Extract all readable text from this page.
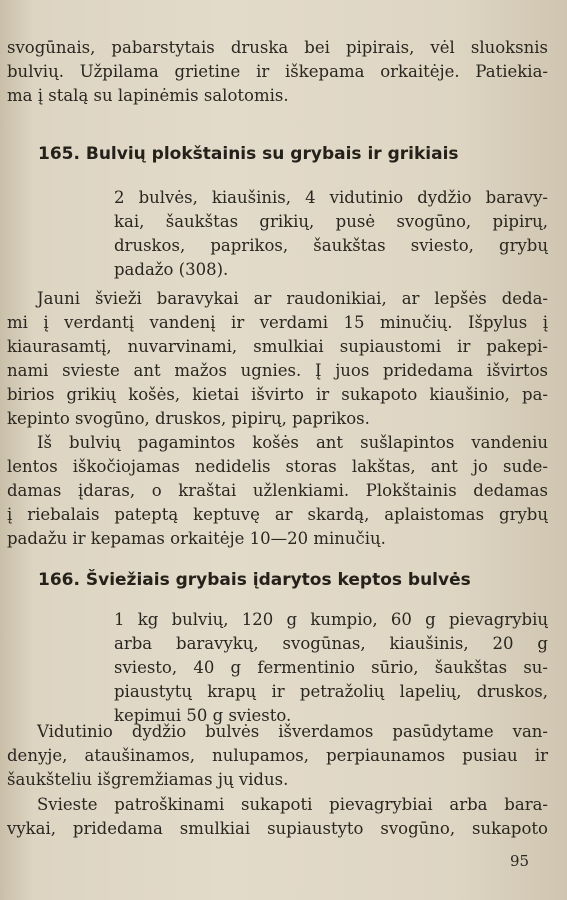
svogūnais, pabarstytais druska bei pipirais, vėl sluoksnis
bulvių. Užpilama grietine ir iškepama orkaitėje. Patiekia-
ma į stalą su lapinėmis salotomis.
165. Bulvių plokštainis su grybais ir grikiais
2 bulvės, kiaušinis, 4 vidutinio dydžio baravy-
kai, šaukštas grikių, pusė svogūno, pipirų,
druskos, paprikos, šaukštas sviesto, grybų
padažo (308).
Jauni švieži baravykai ar raudonikiai, ar lepšės deda-
mi į verdantį vandenį ir verdami 15 minučių. Išpylus į
kiaurasamtį, nuvarvinami, smulkiai supiaustomi ir pakepi-
nami svieste ant mažos ugnies. Į juos pridedama išvirtos
birios grikių košės, kietai išvirto ir sukapoto kiaušinio, pa-
kepinto svogūno, druskos, pipirų, paprikos.
Iš bulvių pagamintos košės ant sušlapintos vandeniu
lentos iškočiojamas nedidelis storas lakštas, ant jo sude-
damas įdaras, o kraštai užlenkiami. Plokštainis dedamas
į riebalais pateptą keptuvę ar skardą, aplaistomas grybų
padažu ir kepamas orkaitėje 10—20 minučių.
166. Šviežiais grybais įdarytos keptos bulvės
1 kg bulvių, 120 g kumpio, 60 g pievagrybių
arba baravykų, svogūnas, kiaušinis, 20 g
sviesto, 40 g fermentinio sūrio, šaukštas su-
piaustytų krapų ir petražolių lapelių, druskos,
kepimui 50 g sviesto.
Vidutinio dydžio bulvės išverdamos pasūdytame van-
denyje, ataušinamos, nulupamos, perpiaunamos pusiau ir
šaukšteliu išgremžiamas jų vidus.
Svieste patroškinami sukapoti pievagrybiai arba bara-
vykai, pridedama smulkiai supiaustyto svogūno, sukapoto
95
